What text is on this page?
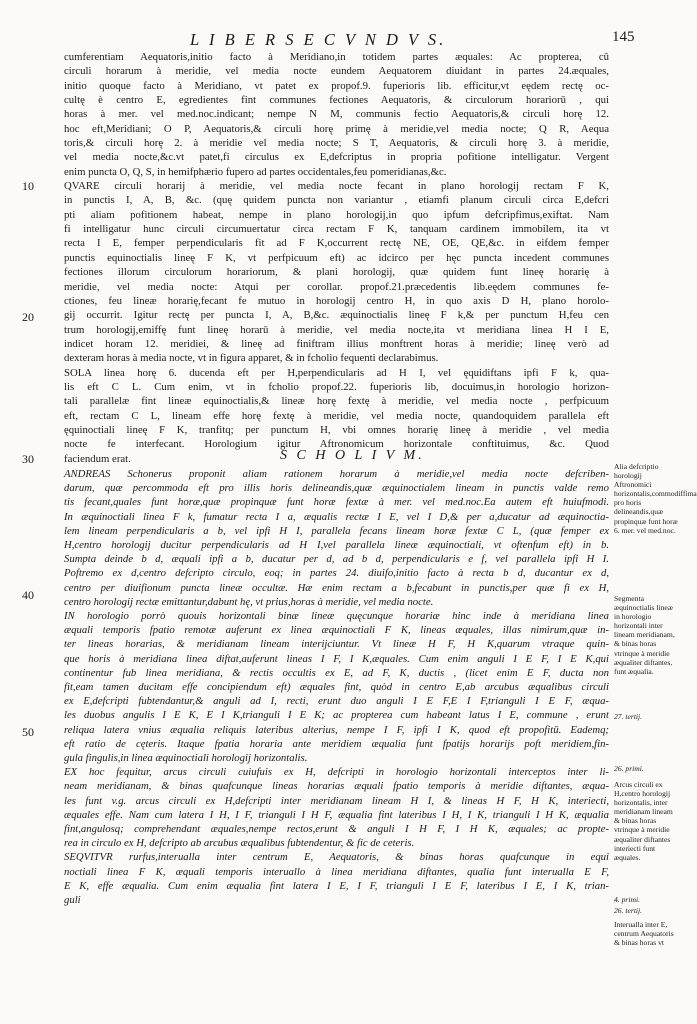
L I B E R S E C V N D V S.	145
10
20
30
40
50
cumferentiam Aequatoris,initio facto à Meridiano,in totidem partes æquales: Ac propterea, cū
circuli horarum à meridie, vel media nocte eundem Aequatorem diuidant in partes 24.æquales,
initio quoque facto à Meridiano, vt patet ex propof.9. fuperioris lib. efficitur,vt eędem rectę oc-
cultę è centro E, egredientes fint communes fectiones Aequatoris, & circulorum horariorū , qui
horas à mer. vel med.noc.indicant; nempe N M, communis fectio Aequatoris,& circuli horę 12.
hoc eft,Meridiani; O P, Aequatoris,& circuli horę primę à meridie,vel media nocte; Q R, Aequa
toris,& circuli horę 2. à meridie vel media nocte; S T, Aequatoris, & circuli horę 3. à meridie,
vel media nocte,&c.vt patet,fi circulus ex E,defcriptus in propria pofitione intelligatur. Vergent
enim puncta O, Q, S, in hemifphærio fupero ad partes occidentales,feu pomeridianas,&c.
QVARE circuli horarij à meridie, vel media nocte fecant in plano horologij rectam F K,
in punctis I, A, B, &c. (quę quidem puncta non variantur , etiamfi planum circuli circa E,defcri
pti aliam pofitionem habeat, nempe in plano horologij,in quo ipfum defcripfimus,exiftat. Nam
fi intelligatur hunc circuli circumuertatur circa rectam F K, tanquam cardinem immobilem, ita vt
recta I E, femper perpendicularis fit ad F K,occurrent rectę NE, OE, QE,&c. in eifdem femper
punctis equinoctialis lineę F K, vt perfpicuum eft) ac idcirco per hęc puncta incedent communes
fectiones illorum circulorum horariorum, & plani horologij, quæ quidem funt lineę horarię à
meridie, vel media nocte: Atqui per corollar. propof.21.præcedentis lib.eędem communes fe-
ctiones, feu lineæ horarię,fecant fe mutuo in horologij centro H, in quo axis D H, plano horolo-
gij occurrit. Igitur rectę per puncta I, A, B,&c. æquinoctialis lineę F k,& per punctum H,feu cen
trum horologij,emiffę funt lineę horarū à meridie, vel media nocte,ita vt meridiana linea H I E,
indicet horam 12. meridiei, & lineę ad finiftram illius monftrent horas à meridie; lineę verò ad
dexteram horas à media nocte, vt in figura apparet, & in fcholio fequenti declarabimus.
SOLA linea horę 6. ducenda eft per H,perpendicularis ad H I, vel ęquidiftans ipfi F k, qua-
lis eft C L. Cum enim, vt in fcholio propof.22. fuperioris lib, docuimus,in horologio horizon-
tali parallelæ fint lineæ equinoctialis,& lineæ horę fextę à meridie, vel media nocte , perfpicuum
eft, rectam C L, lineam effe horę fextę à meridie, vel media nocte, quandoquidem parallela eft
ęquinoctiali lineę F K, tranfitq; per punctum H, vbi omnes horarię lineę à meridie , vel media
nocte fe interfecant. Horologium igitur Aftronomicum horizontale conftituimus, &c. Quod
faciendum erat.	S C H O L I V M.
ANDREAS Schonerus proponit aliam rationem horarum à meridie,vel media nocte defcriben-
darum, quæ percommoda eft pro illis horis delineandis,quæ æquinoctialem lineam in punctis valde remo
tis fecant,quales funt horæ,quæ propinquæ funt horæ fextæ à mer. vel med.noc.Ea autem eft huiufmodi.
In æquinoctiali linea F k, fumatur recta I a, æqualis rectæ I E, vel I D,& per a,ducatur ad æquinoctia-
lem lineam perpendicularis a b, vel ipfi H I, parallela fecans lineam horæ fextæ C L, (quæ femper ex
H,centro horologij ducitur perpendicularis ad H I,vel parallela lineæ æquinoctiali, vt oftenfum eft) in b.
Sumpta deinde b d, æquali ipfi a b, ducatur per d, ad b d, perpendicularis e f, vel parallela ipfi H I.
Poftremo ex d,centro defcripto circulo, eoq; in partes 24. diuifo,initio facto à recta b d, ducantur ex d,
centro per diuifionum puncta lineæ occultæ. Hæ enim rectam a b,fecabunt in punctis,per quæ fi ex H,
centro horologij rectæ emittantur,dabunt hę, vt prius,horas à meridie, vel media nocte.
IN horologio porrò quouis horizontali binæ lineæ quęcunque horariæ hinc inde à meridiana linea
æquali temporis fpatio remotæ auferunt ex linea æquinoctiali F K, lineas æquales, illas nimirum,quæ in-
ter lineas horarias, & meridianam lineam interijciuntur. Vt lineæ H F, H K,quarum vtraque quin-
que horis à meridiana linea diftat,auferunt lineas I F, I K,æquales. Cum enim anguli I E F, I E K,qui
continentur fub linea meridiana, & rectis occultis ex E, ad F, K, ductis , (licet enim E F, ducta non
fit,eam tamen ducitam effe concipiendum eft) æquales fint, quòd in centro E,ab arcubus æqualibus circuli
ex E,defcripti fubtendantur,& anguli ad I, recti, erunt duo anguli I E F,E I F,trianguli I E F, æqua-
les duobus angulis I E K, E I K,trianguli I E K; ac propterea cum habeant latus I E, commune , erunt
reliqua latera vnius æqualia reliquis lateribus alterius, nempe I F, ipfi I K, quod eft propofitū. Eademq;
eft ratio de cęteris. Itaque fpatia horaria ante meridiem æqualia funt fpatijs horarijs poft meridiem,fin-
gula fingulis,in linea æquinoctiali horologij horizontalis.
EX hoc fequitur, arcus circuli cuiufuis ex H, defcripti in horologio horizontali interceptos inter li-
neam meridianam, & binas quafcunque lineas horarias æquali fpatio temporis à meridie diftantes, æqua-
les funt v.g. arcus circuli ex H,defcripti inter meridianam lineam H I, & lineas H F, H K, interiecti,
æquales effe. Nam cum latera I H, I F, trianguli I H F, æqualia fint lateribus I H, I K, trianguli I H K, æqualia
fint,angulosq; comprehendant æquales,nempe rectos,erunt & anguli I H F, I H K, æquales; ac propte-
rea in circulo ex H, defcripto ab arcubus æqualibus fubtendentur, & fic de ceteris.
SEQVITVR rurfus,interualla inter centrum E, Aequatoris, & binas horas quafcunque in equi
noctiali linea F K, æquali temporis interuallo à linea meridiana diftantes, qualia funt interualla E F,
E K, effe æqualia. Cum enim æqualia fint latera I E, I F, trianguli I E F, lateribus I E, I K, trian-
guli
Alia defcriptio horologij Aftronomici horizontalis,commodiffima pro horis delineandis,quæ propinquæ funt horæ 6. mer. vel med.noc.
Segmenta æquinoctialis lineæ in horologio horizontali inter lineam meridianam, & binas horas vtrinque à meridie æqualiter diftantes, funt æqualia.
27. tertij.
26. primi.
Arcus circuli ex H,centro horologij horizontalis, inter meridianam lineam & binas horas vtrinque à meridie æqualiter diftantes interiecti funt æquales.
4. primi.
26. tertij.
Interualla inter E, centrum Aequatoris & binas horas vt
